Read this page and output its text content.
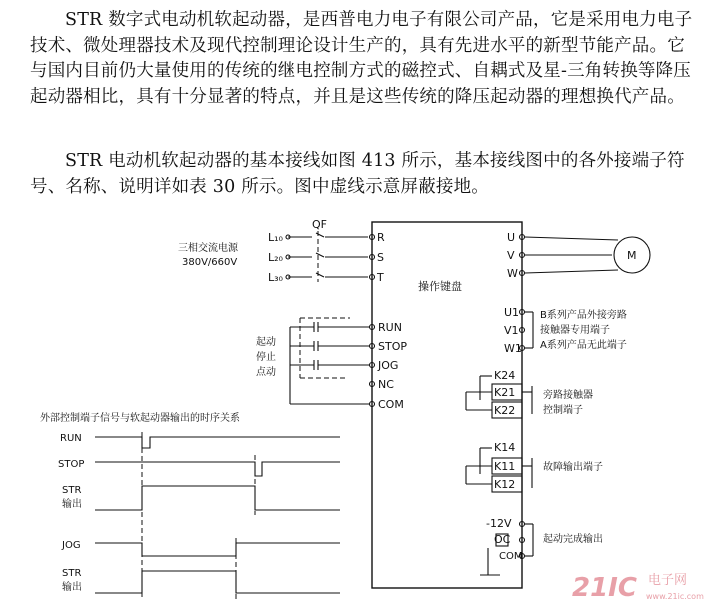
STR 数字式电动机软起动器，是西普电力电子有限公司产品，它是采用电力电子技术、微处理器技术及现代控制理论设计生产的，具有先进水平的新型节能产品。它与国内目前仍大量使用的传统的继电控制方式的磁控式、自耦式及星-三角转换等降压起动器相比，具有十分显著的特点，并且是这些传统的降压起动器的理想换代产品。

STR 电动机软起动器的基本接线如图 413 所示，基本接线图中的各外接端子符号、名称、说明详如表 30 所示。图中虚线示意屏蔽接地。

三相交流电源
380V/660V
L₁₀
L₂₀
L₃₀
QF
操作键盘
R
S
T
U
V
W
M
RUN
STOP
JOG
NC
COM
起动
停止
点动
U1
V1
W1
B系列产品外接旁路
接触器专用端子
A系列产品无此端子
K24
K21
K22
旁路接触器
控制端子
K14
K11
K12
故障输出端子
-12V
OC
COM
起动完成输出
外部控制端子信号与软起动器输出的时序关系
RUN
STOP
STR
输出
JOG
STR
输出	21IC 电子网
www.21ic.com
